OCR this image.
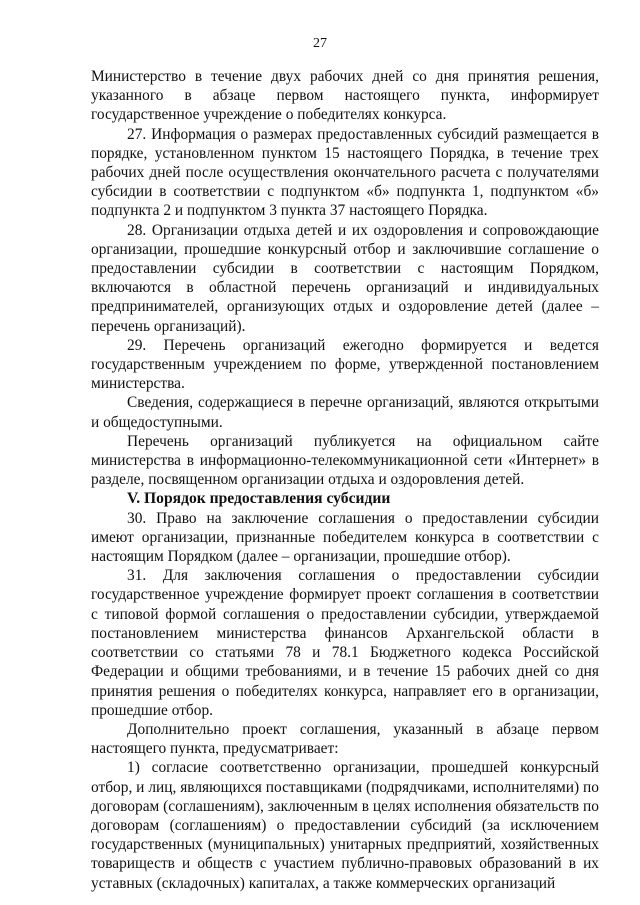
27

Министерство в течение двух рабочих дней со дня принятия решения, указанного в абзаце первом настоящего пункта, информирует государственное учреждение о победителях конкурса.

27. Информация о размерах предоставленных субсидий размещается в порядке, установленном пунктом 15 настоящего Порядка, в течение трех рабочих дней после осуществления окончательного расчета с получателями субсидии в соответствии с подпунктом «б» подпункта 1, подпунктом «б» подпункта 2 и подпунктом 3 пункта 37 настоящего Порядка.

28. Организации отдыха детей и их оздоровления и сопровождающие организации, прошедшие конкурсный отбор и заключившие соглашение о предоставлении субсидии в соответствии с настоящим Порядком, включаются в областной перечень организаций и индивидуальных предпринимателей, организующих отдых и оздоровление детей (далее – перечень организаций).

29. Перечень организаций ежегодно формируется и ведется государственным учреждением по форме, утвержденной постановлением министерства.

Сведения, содержащиеся в перечне организаций, являются открытыми и общедоступными.

Перечень организаций публикуется на официальном сайте министерства в информационно-телекоммуникационной сети «Интернет» в разделе, посвященном организации отдыха и оздоровления детей.

V. Порядок предоставления субсидии

30. Право на заключение соглашения о предоставлении субсидии имеют организации, признанные победителем конкурса в соответствии с настоящим Порядком (далее – организации, прошедшие отбор).

31. Для заключения соглашения о предоставлении субсидии государственное учреждение формирует проект соглашения в соответствии с типовой формой соглашения о предоставлении субсидии, утверждаемой постановлением министерства финансов Архангельской области в соответствии со статьями 78 и 78.1 Бюджетного кодекса Российской Федерации и общими требованиями, и в течение 15 рабочих дней со дня принятия решения о победителях конкурса, направляет его в организации, прошедшие отбор.

Дополнительно проект соглашения, указанный в абзаце первом настоящего пункта, предусматривает:

1) согласие соответственно организации, прошедшей конкурсный отбор, и лиц, являющихся поставщиками (подрядчиками, исполнителями) по договорам (соглашениям), заключенным в целях исполнения обязательств по договорам (соглашениям) о предоставлении субсидий (за исключением государственных (муниципальных) унитарных предприятий, хозяйственных товариществ и обществ с участием публично-правовых образований в их уставных (складочных) капиталах, а также коммерческих организаций
